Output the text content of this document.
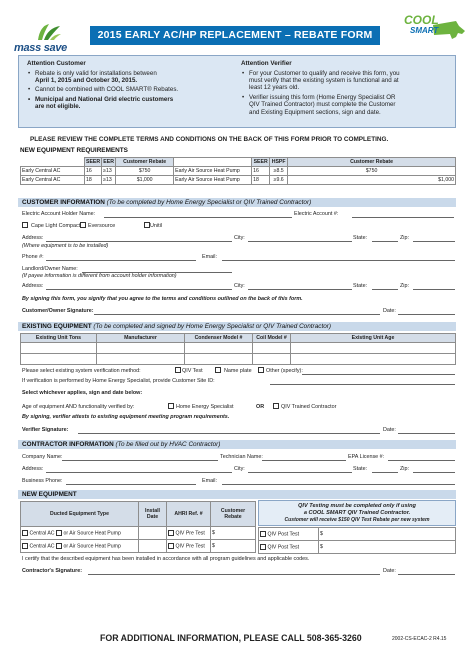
mass save
2015 EARLY AC/HP REPLACEMENT – REBATE FORM
COOL
SMART
Attention Customer
• Rebate is only valid for installations between
April 1, 2015 and October 30, 2015.
• Cannot be combined with COOL SMART® Rebates.
• Municipal and National Grid electric customers
are not eligible.
Attention Verifier
• For your Customer to qualify and receive this form, you
must verify that the existing system is functional and at
least 12 years old.
• Verifier issuing this form (Home Energy Specialist OR
QIV Trained Contractor) must complete the Customer
and Existing Equipment sections, sign and date.
PLEASE REVIEW THE COMPLETE TERMS AND CONDITIONS ON THE BACK OF THIS FORM PRIOR TO COMPLETING.
NEW EQUIPMENT REQUIREMENTS
	SEER	EER	Customer Rebate		SEER	HSPF	Customer Rebate
Early Central AC	16	≥13	$750	Early Air Source Heat Pump	16	≥8.5	$750
Early Central AC	18	≥13	$1,000	Early Air Source Heat Pump	18	≥9.6	$1,000
CUSTOMER INFORMATION (To be completed by Home Energy Specialist or QIV Trained Contractor)
Electric Account Holder Name:	Electric Account #:
Cape Light Compact Eversource	Unitil
Address:	City:	State:	Zip:
(Where equipment is to be installed)
Phone #:	Email:
Landlord/Owner Name:
(If payee information is different from account holder information)
Address:	City:	State:	Zip:
By signing this form, you signify that you agree to the terms and conditions outlined on the back of this form.
Customer/Owner Signature:	Date:
EXISTING EQUIPMENT (To be completed and signed by Home Energy Specialist or QIV Trained Contractor)
Existing Unit Tons	Manufacturer	Condenser Model #	Coil Model #	Existing Unit Age

Please select existing system verification method:	QIV Test	Name plate	Other (specify):
If verification is performed by Home Energy Specialist, provide Customer Site ID:
Select whichever applies, sign and date below:
Age of equipment AND functionality verified by:	Home Energy Specialist	OR	QIV Trained Contractor
By signing, verifier attests to existing equipment meeting program requirements.
Verifier Signature:	Date:
CONTRACTOR INFORMATION (To be filled out by HVAC Contractor)
Company Name:	Technician Name:	EPA License #:
Address:	City:	State:	Zip:
Business Phone:	Email:
NEW EQUIPMENT
Ducted Equipment Type	Install Date	AHRI Ref. #	Customer Rebate
Central AC or Air Source Heat Pump		QIV Pre Test	$
Central AC or Air Source Heat Pump		QIV Pre Test	$
QIV Testing must be completed only if using
a COOL SMART QIV Trained Contractor.
Customer will receive $150 QIV Test Rebate per new system
QIV Post Test	$
QIV Post Test	$
I certify that the described equipment has been installed in accordance with all program guidelines and applicable codes.
Contractor's Signature:	Date:
FOR ADDITIONAL INFORMATION, PLEASE CALL 508-365-3260	2002-CS-ECAC-2 R4.15
